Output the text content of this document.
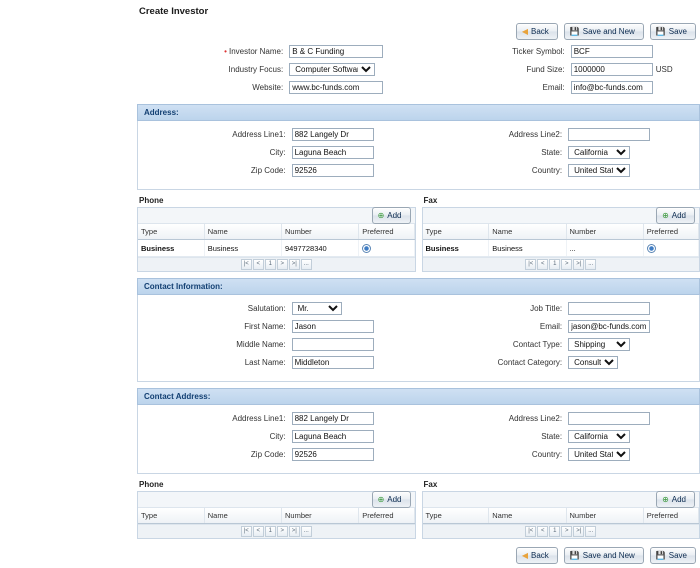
Create Investor
◀ Back	💾 Save and New	💾 Save
• Investor Name:
B & C Funding
Industry Focus:
Computer Software
Website:
www.bc-funds.com
Ticker Symbol:
BCF
Fund Size:
1000000	USD
Email:
info@bc-funds.com
Address:
Address Line1:
882 Langely Dr
City:
Laguna Beach
Zip Code:
92526
Address Line2:
State:
California
Country:
United States
Phone
⊕ Add
Type	Name	Number	Preferred
Business	Business	9497728340	
|<	<	1	>	>|	...
Fax
⊕ Add
Type	Name	Number	Preferred
Business	Business	...	
|<	<	1	>	>|	...
Contact Information:
Salutation:
Mr.
First Name:
Jason
Middle Name:
Last Name:
Middleton
Job Title:
Email:
jason@bc-funds.com
Contact Type:
Shipping
Contact Category:
Consultant
Contact Address:
Address Line1:
882 Langely Dr
City:
Laguna Beach
Zip Code:
92526
Address Line2:
State:
California
Country:
United States
Phone
⊕ Add
Type	Name	Number	Preferred
|<	<	1	>	>|	...
Fax
⊕ Add
Type	Name	Number	Preferred
|<	<	1	>	>|	...
◀ Back	💾 Save and New	💾 Save
